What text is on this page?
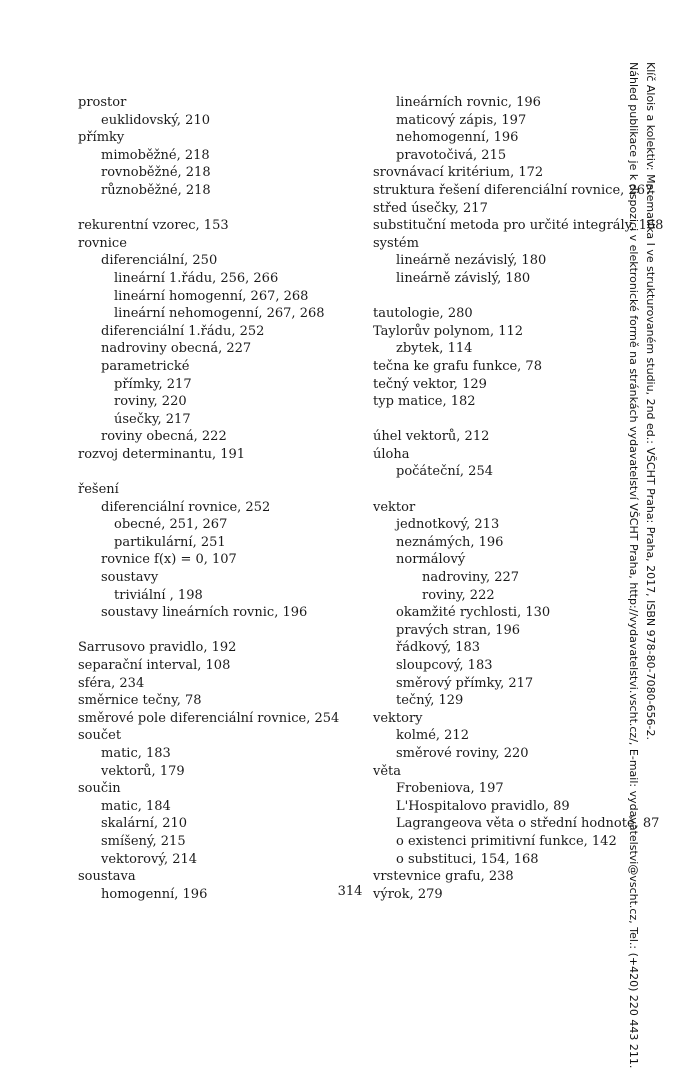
prostor
euklidovský, 210
přímky
mimoběžné, 218
rovnoběžné, 218
různoběžné, 218
rekurentní vzorec, 153
rovnice
diferenciální, 250
lineární 1.řádu, 256, 266
lineární homogenní, 267, 268
lineární nehomogenní, 267, 268
diferenciální 1.řádu, 252
nadroviny obecná, 227
parametrické
přímky, 217
roviny, 220
úsečky, 217
roviny obecná, 222
rozvoj determinantu, 191
řešení
diferenciální rovnice, 252
obecné, 251, 267
partikulární, 251
rovnice f(x) = 0, 107
soustavy
triviální , 198
soustavy lineárních rovnic, 196
Sarrusovo pravidlo, 192
separační interval, 108
sféra, 234
směrnice tečny, 78
směrové pole diferenciální rovnice, 254
součet
matic, 183
vektorů, 179
součin
matic, 184
skalární, 210
smíšený, 215
vektorový, 214
soustava
homogenní, 196
lineárních rovnic, 196
maticový zápis, 197
nehomogenní, 196
pravotočivá, 215
srovnávací kritérium, 172
struktura řešení diferenciální rovnice, 267
střed úsečky, 217
substituční metoda pro určité integrály, 168
systém
lineárně nezávislý, 180
lineárně závislý, 180
tautologie, 280
Taylorův polynom, 112
zbytek, 114
tečna ke grafu funkce, 78
tečný vektor, 129
typ matice, 182
úhel vektorů, 212
úloha
počáteční, 254
vektor
jednotkový, 213
neznámých, 196
normálový
nadroviny, 227
roviny, 222
okamžité rychlosti, 130
pravých stran, 196
řádkový, 183
sloupcový, 183
směrový přímky, 217
tečný, 129
vektory
kolmé, 212
směrové roviny, 220
věta
Frobeniova, 197
L'Hospitalovo pravidlo, 89
Lagrangeova věta o střední hodnotě, 87
o existenci primitivní funkce, 142
o substituci, 154, 168
vrstevnice grafu, 238
výrok, 279
314
Klíč Alois a kolektiv: Matematika I ve strukturovaném studiu, 2nd ed.: VŠCHT Praha: Praha, 2017, ISBN 978-80-7080-656-2.
Náhled publikace je k dispozici v elektronické formě na stránkách vydavatelství VŠCHT Praha, http://vydavatelstvi.vscht.cz/, E-mail: vydavatelstvi@vscht.cz, Tel.: (+420) 220 443 211.
